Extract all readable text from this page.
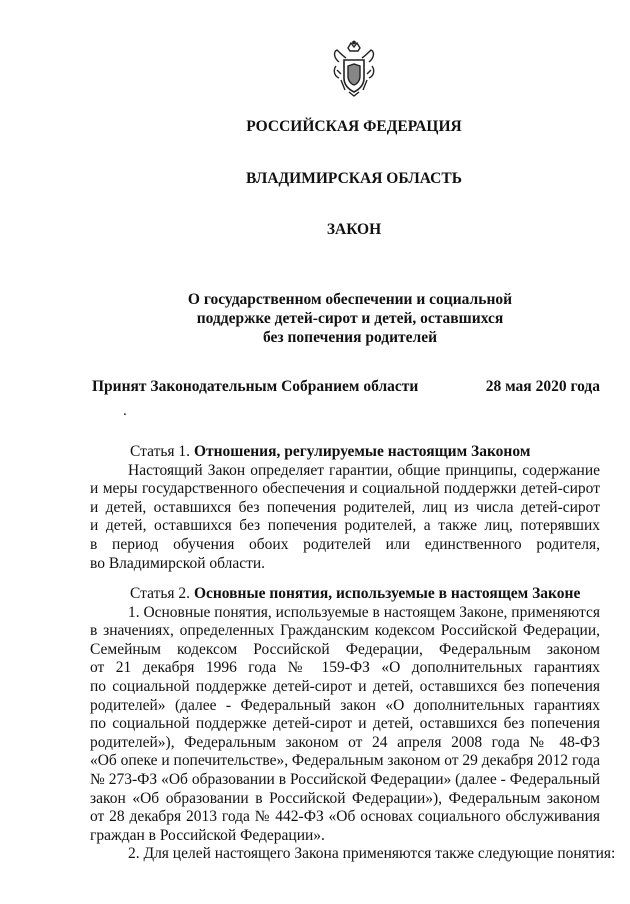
РОССИЙСКАЯ ФЕДЕРАЦИЯ
ВЛАДИМИРСКАЯ ОБЛАСТЬ
ЗАКОН
О государственном обеспечении и социальной
поддержке детей-сирот и детей, оставшихся
без попечения родителей
Принят Законодательным Собранием области	28 мая 2020 года
.
Статья 1. Отношения, регулируемые настоящим Законом
Настоящий Закон определяет гарантии, общие принципы, содержание
и меры государственного обеспечения и социальной поддержки детей-сирот
и детей, оставшихся без попечения родителей, лиц из числа детей-сирот
и детей, оставшихся без попечения родителей, а также лиц, потерявших
в период обучения обоих родителей или единственного родителя,
во Владимирской области.
Статья 2. Основные понятия, используемые в настоящем Законе
1. Основные понятия, используемые в настоящем Законе, применяются
в значениях, определенных Гражданским кодексом Российской Федерации,
Семейным кодексом Российской Федерации, Федеральным законом
от 21 декабря 1996 года № 159-ФЗ «О дополнительных гарантиях
по социальной поддержке детей-сирот и детей, оставшихся без попечения
родителей» (далее - Федеральный закон «О дополнительных гарантиях
по социальной поддержке детей-сирот и детей, оставшихся без попечения
родителей»), Федеральным законом от 24 апреля 2008 года № 48-ФЗ
«Об опеке и попечительстве», Федеральным законом от 29 декабря 2012 года
№ 273-ФЗ «Об образовании в Российской Федерации» (далее - Федеральный
закон «Об образовании в Российской Федерации»), Федеральным законом
от 28 декабря 2013 года № 442-ФЗ «Об основах социального обслуживания
граждан в Российской Федерации».
2. Для целей настоящего Закона применяются также следующие понятия:
